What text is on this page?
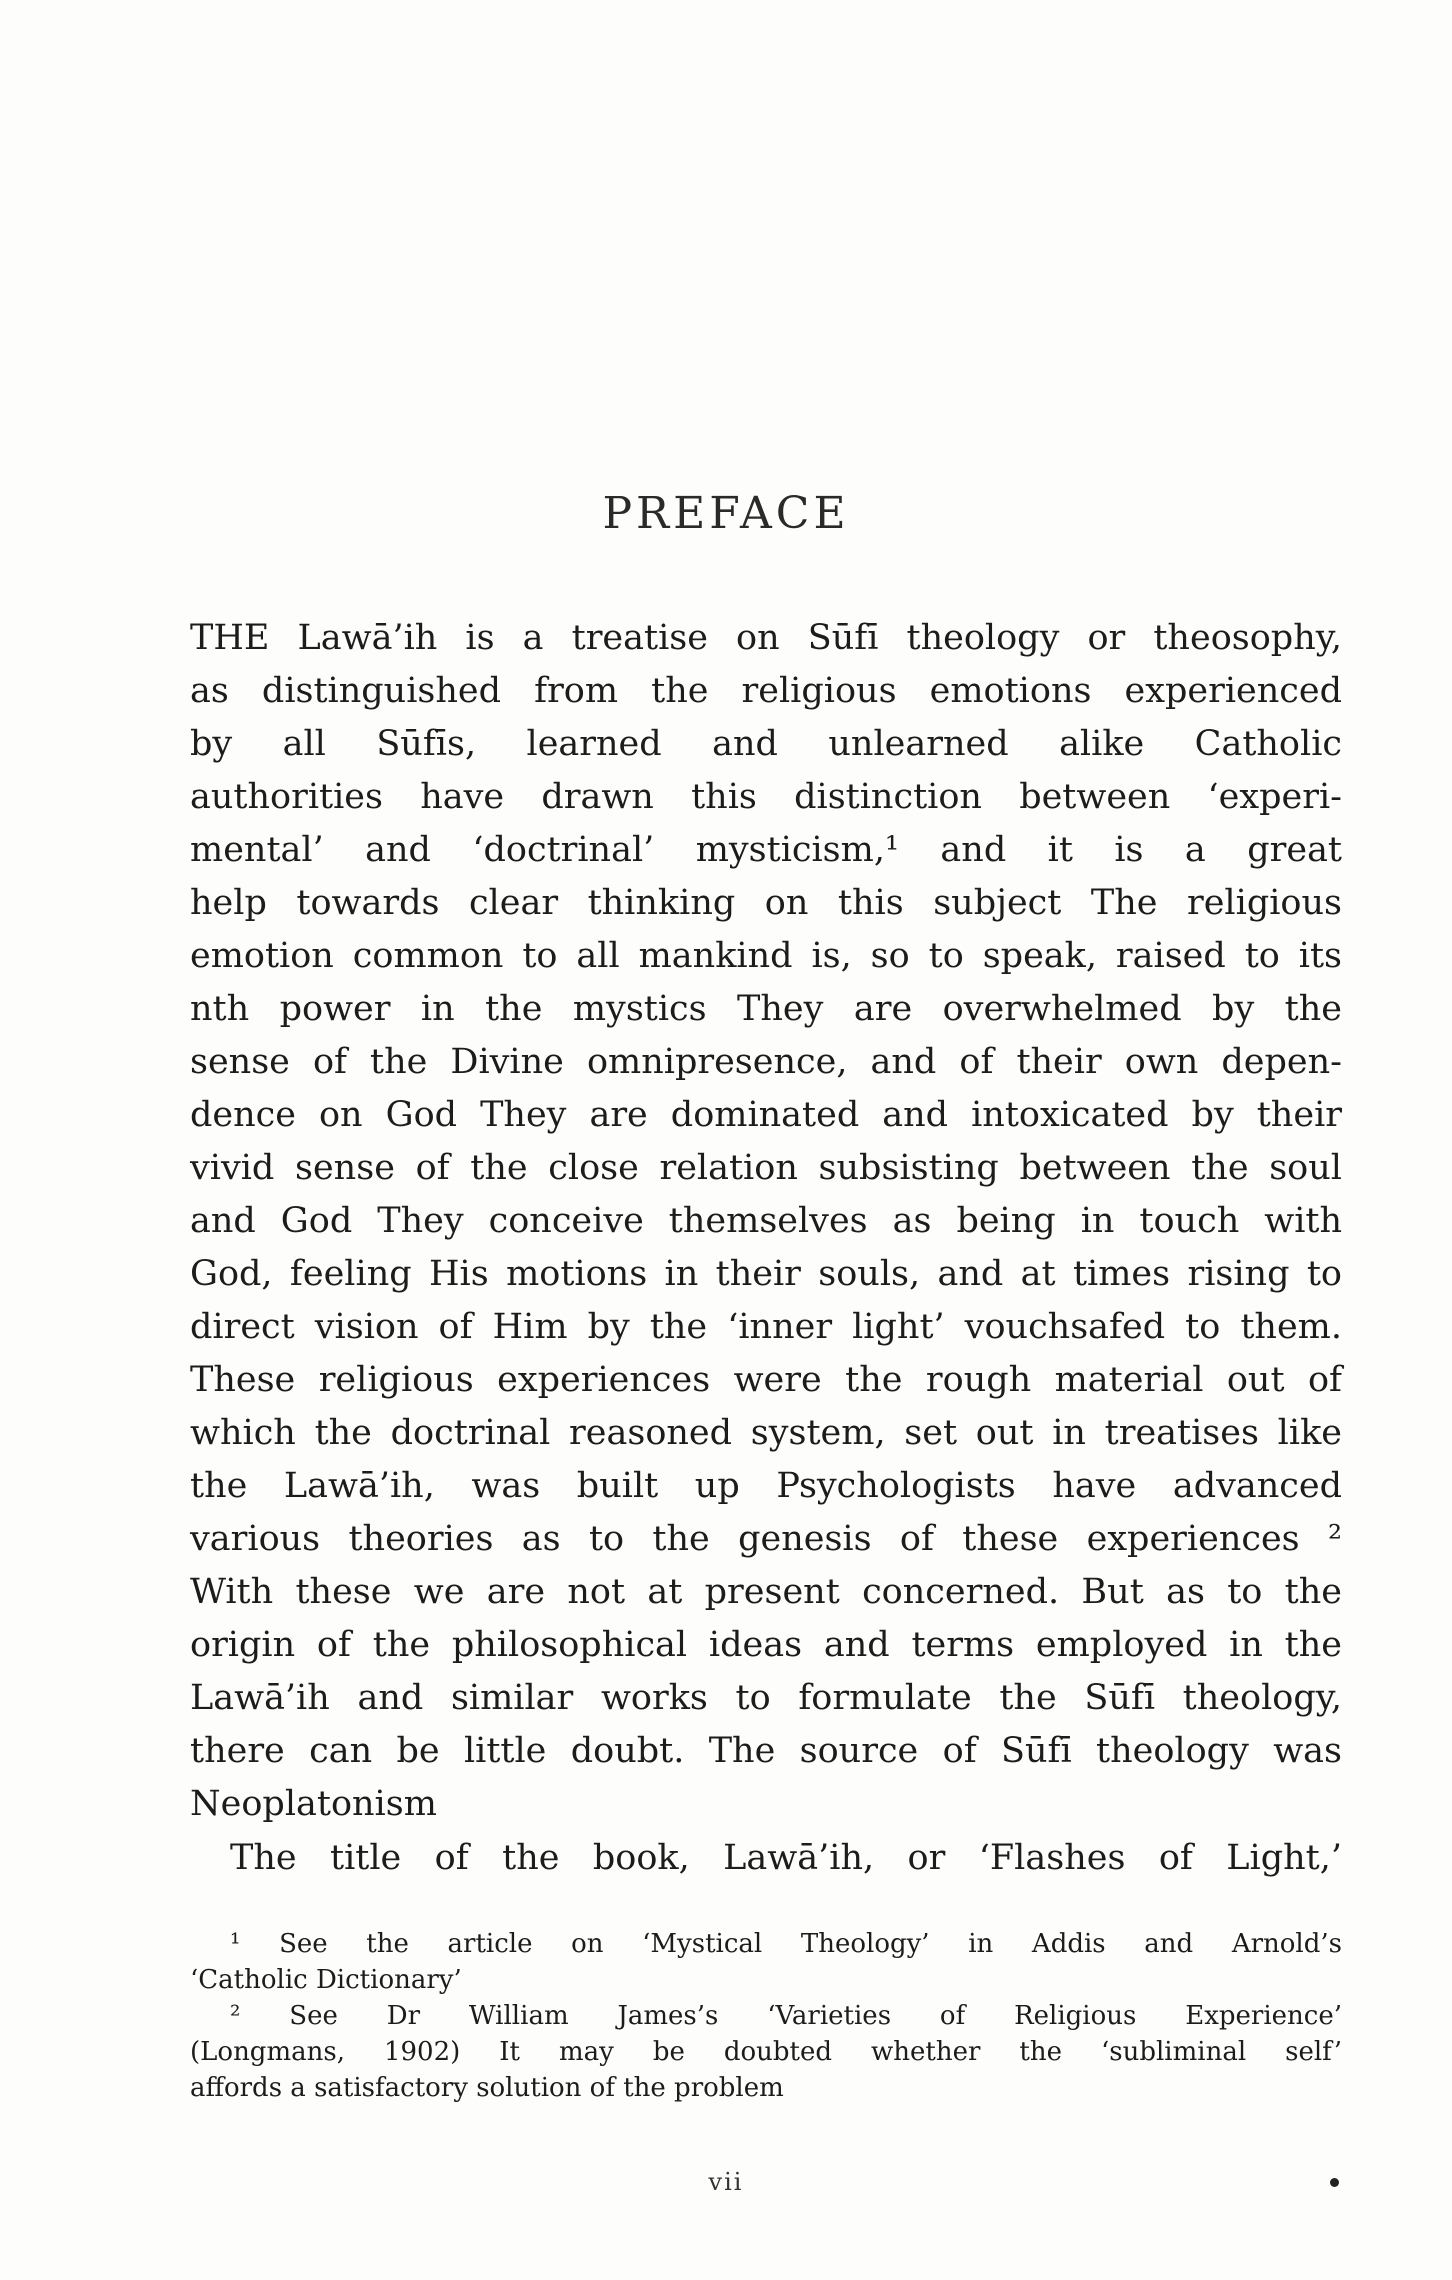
PREFACE
THE Lawā’ih is a treatise on Sūfī theology or theosophy,
as distinguished from the religious emotions experienced
by all Sūfīs, learned and unlearned alike Catholic
authorities have drawn this distinction between ‘experi-
mental’ and ‘doctrinal’ mysticism,¹ and it is a great
help towards clear thinking on this subject The religious
emotion common to all mankind is, so to speak, raised to its
nth power in the mystics They are overwhelmed by the
sense of the Divine omnipresence, and of their own depen-
dence on God They are dominated and intoxicated by their
vivid sense of the close relation subsisting between the soul
and God They conceive themselves as being in touch with
God, feeling His motions in their souls, and at times rising to
direct vision of Him by the ‘inner light’ vouchsafed to them.
These religious experiences were the rough material out of
which the doctrinal reasoned system, set out in treatises like
the Lawā’ih, was built up Psychologists have advanced
various theories as to the genesis of these experiences ²
With these we are not at present concerned. But as to the
origin of the philosophical ideas and terms employed in the
Lawā’ih and similar works to formulate the Sūfī theology,
there can be little doubt. The source of Sūfī theology was
Neoplatonism
The title of the book, Lawā’ih, or ‘Flashes of Light,’
¹ See the article on ‘Mystical Theology’ in Addis and Arnold’s
‘Catholic Dictionary’
² See Dr William James’s ‘Varieties of Religious Experience’
(Longmans, 1902) It may be doubted whether the ‘subliminal self’
affords a satisfactory solution of the problem
vii
